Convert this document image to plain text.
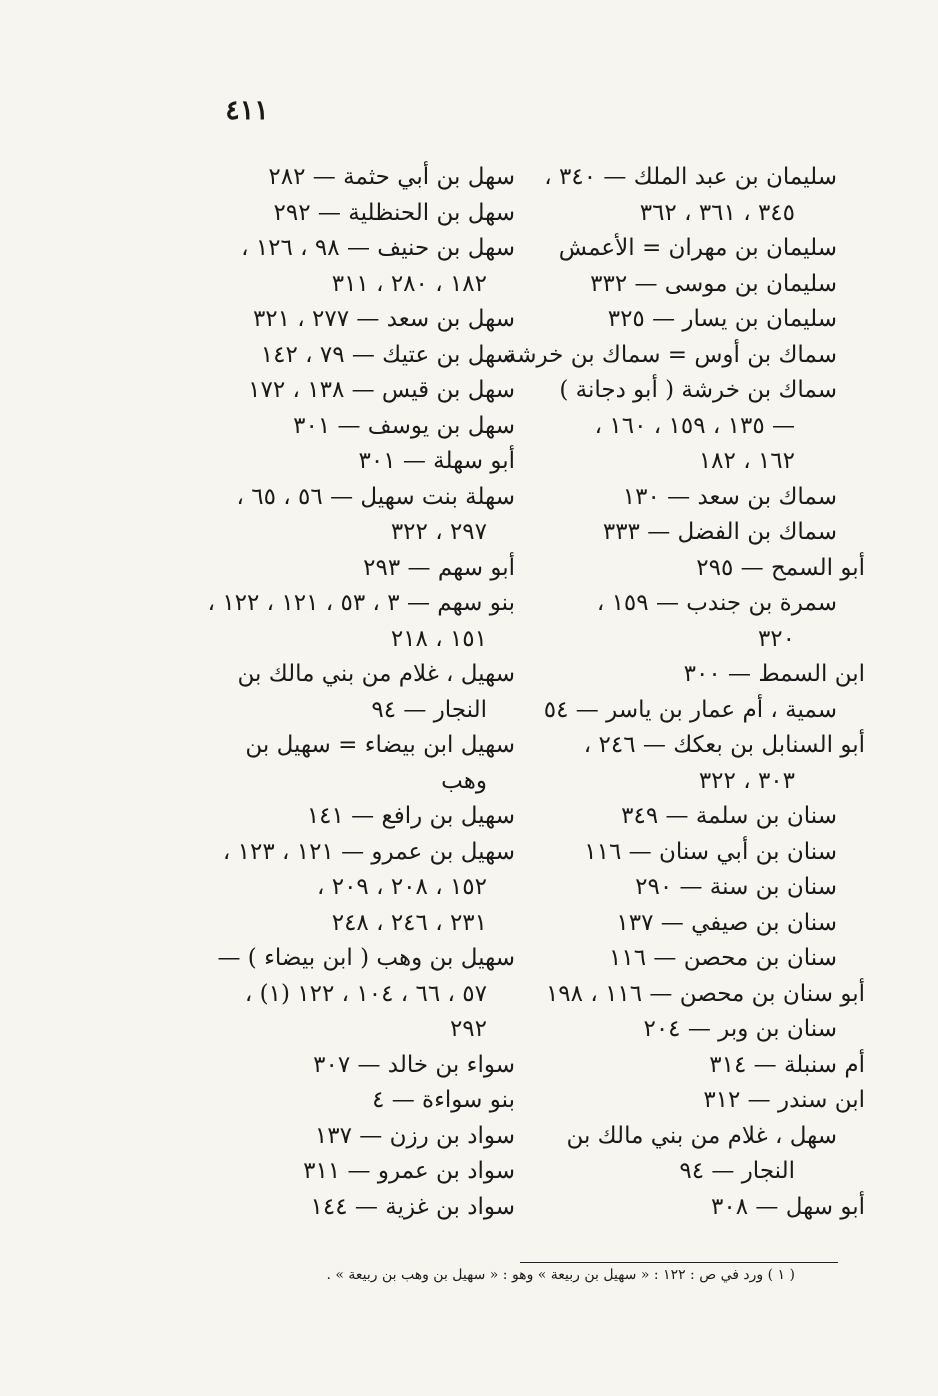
٤١١
سليمان بن عبد الملك — ٣٤٠ ،
٣٤٥ ، ٣٦١ ، ٣٦٢
سليمان بن مهران = الأعمش
سليمان بن موسى — ٣٣٢
سليمان بن يسار — ٣٢٥
سماك بن أوس = سماك بن خرشة
سماك بن خرشة ( أبو دجانة )
— ١٣٥ ، ١٥٩ ، ١٦٠ ،
١٦٢ ، ١٨٢
سماك بن سعد — ١٣٠
سماك بن الفضل — ٣٣٣
أبو السمح — ٢٩٥
سمرة بن جندب — ١٥٩ ،
٣٢٠
ابن السمط — ٣٠٠
سمية ، أم عمار بن ياسر — ٥٤
أبو السنابل بن بعكك — ٢٤٦ ،
٣٠٣ ، ٣٢٢
سنان بن سلمة — ٣٤٩
سنان بن أبي سنان — ١١٦
سنان بن سنة — ٢٩٠
سنان بن صيفي — ١٣٧
سنان بن محصن — ١١٦
أبو سنان بن محصن — ١١٦ ، ١٩٨
سنان بن وبر — ٢٠٤
أم سنبلة — ٣١٤
ابن سندر — ٣١٢
سهل ، غلام من بني مالك بن
النجار — ٩٤
أبو سهل — ٣٠٨
سهل بن أبي حثمة — ٢٨٢
سهل بن الحنظلية — ٢٩٢
سهل بن حنيف — ٩٨ ، ١٢٦ ،
١٨٢ ، ٢٨٠ ، ٣١١
سهل بن سعد — ٢٧٧ ، ٣٢١
سهل بن عتيك — ٧٩ ، ١٤٢
سهل بن قيس — ١٣٨ ، ١٧٢
سهل بن يوسف — ٣٠١
أبو سهلة — ٣٠١
سهلة بنت سهيل — ٥٦ ، ٦٥ ،
٢٩٧ ، ٣٢٢
أبو سهم — ٢٩٣
بنو سهم — ٣ ، ٥٣ ، ١٢١ ، ١٢٢ ،
١٥١ ، ٢١٨
سهيل ، غلام من بني مالك بن
النجار — ٩٤
سهيل ابن بيضاء = سهيل بن
وهب
سهيل بن رافع — ١٤١
سهيل بن عمرو — ١٢١ ، ١٢٣ ،
١٥٢ ، ٢٠٨ ، ٢٠٩ ،
٢٣١ ، ٢٤٦ ، ٢٤٨
سهيل بن وهب ( ابن بيضاء ) —
٥٧ ، ٦٦ ، ١٠٤ ، ١٢٢ (١) ،
٢٩٢
سواء بن خالد — ٣٠٧
بنو سواءة — ٤
سواد بن رزن — ١٣٧
سواد بن عمرو — ٣١١
سواد بن غزية — ١٤٤
( ١ ) ورد في ص : ١٢٢ : « سهيل بن ربيعة » وهو : « سهيل بن وهب بن ربيعة » .
